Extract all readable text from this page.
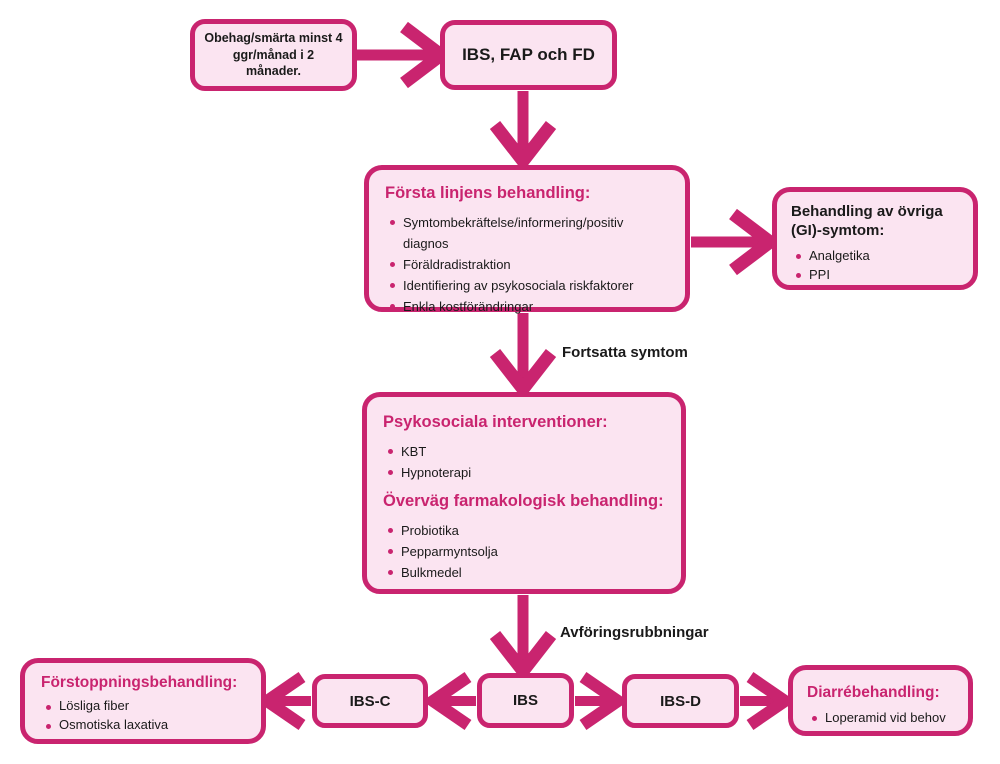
Obehag/smärta minst 4 ggr/månad i 2 månader.
IBS, FAP och FD
Första linjens behandling:
Symtombekräftelse/informering/positiv diagnos
Föräldradistraktion
Identifiering av psykosociala riskfaktorer
Enkla kostförändringar
Behandling av övriga (GI)-symtom:
Analgetika
PPI
Fortsatta symtom
Psykosociala interventioner:
KBT
Hypnoterapi
Överväg farmakologisk behandling:
Probiotika
Pepparmyntsolja
Bulkmedel
Avföringsrubbningar
Förstoppningsbehandling:
Lösliga fiber
Osmotiska laxativa
IBS-C	IBS	IBS-D	Diarrébehandling:
Loperamid vid behov
